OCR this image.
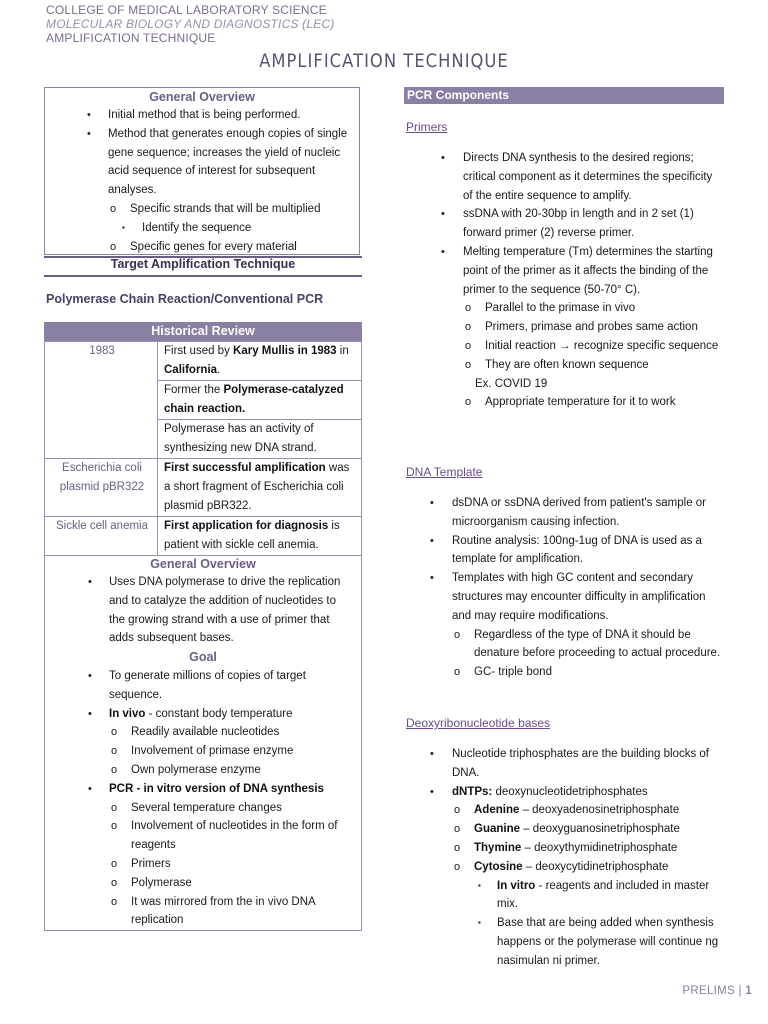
COLLEGE OF MEDICAL LABORATORY SCIENCE
MOLECULAR BIOLOGY AND DIAGNOSTICS (LEC)
AMPLIFICATION TECHNIQUE
AMPLIFICATION TECHNIQUE
General Overview
• Initial method that is being performed.
• Method that generates enough copies of single gene sequence; increases the yield of nucleic acid sequence of interest for subsequent analyses.
o Specific strands that will be multiplied
▪ Identify the sequence
o Specific genes for every material
Target Amplification Technique
Polymerase Chain Reaction/Conventional PCR
Historical Review
1983	First used by Kary Mullis in 1983 in California.
	Former the Polymerase-catalyzed chain reaction.
	Polymerase has an activity of synthesizing new DNA strand.
Escherichia coli plasmid pBR322	First successful amplification was a short fragment of Escherichia coli plasmid pBR322.
Sickle cell anemia	First application for diagnosis is patient with sickle cell anemia.
General Overview
• Uses DNA polymerase to drive the replication and to catalyze the addition of nucleotides to the growing strand with a use of primer that adds subsequent bases.
Goal
• To generate millions of copies of target sequence.
• In vivo - constant body temperature
o Readily available nucleotides
o Involvement of primase enzyme
o Own polymerase enzyme
• PCR - in vitro version of DNA synthesis
o Several temperature changes
o Involvement of nucleotides in the form of reagents
o Primers
o Polymerase
o It was mirrored from the in vivo DNA replication
PCR Components
Primers
• Directs DNA synthesis to the desired regions; critical component as it determines the specificity of the entire sequence to amplify.
• ssDNA with 20-30bp in length and in 2 set (1) forward primer (2) reverse primer.
• Melting temperature (Tm) determines the starting point of the primer as it affects the binding of the primer to the sequence (50-70° C).
o Parallel to the primase in vivo
o Primers, primase and probes same action
o Initial reaction → recognize specific sequence
o They are often known sequence
Ex. COVID 19
o Appropriate temperature for it to work
DNA Template
• dsDNA or ssDNA derived from patient's sample or microorganism causing infection.
• Routine analysis: 100ng-1ug of DNA is used as a template for amplification.
• Templates with high GC content and secondary structures may encounter difficulty in amplification and may require modifications.
o Regardless of the type of DNA it should be denature before proceeding to actual procedure.
o GC- triple bond
Deoxyribonucleotide bases
• Nucleotide triphosphates are the building blocks of DNA.
• dNTPs: deoxynucleotidetriphosphates
o Adenine – deoxyadenosinetriphosphate
o Guanine – deoxyguanosinetriphosphate
o Thymine – deoxythymidinetriphosphate
o Cytosine – deoxycytidinetriphosphate
▪ In vitro - reagents and included in master mix.
▪ Base that are being added when synthesis happens or the polymerase will continue ng nasimulan ni primer.
PRELIMS | 1
